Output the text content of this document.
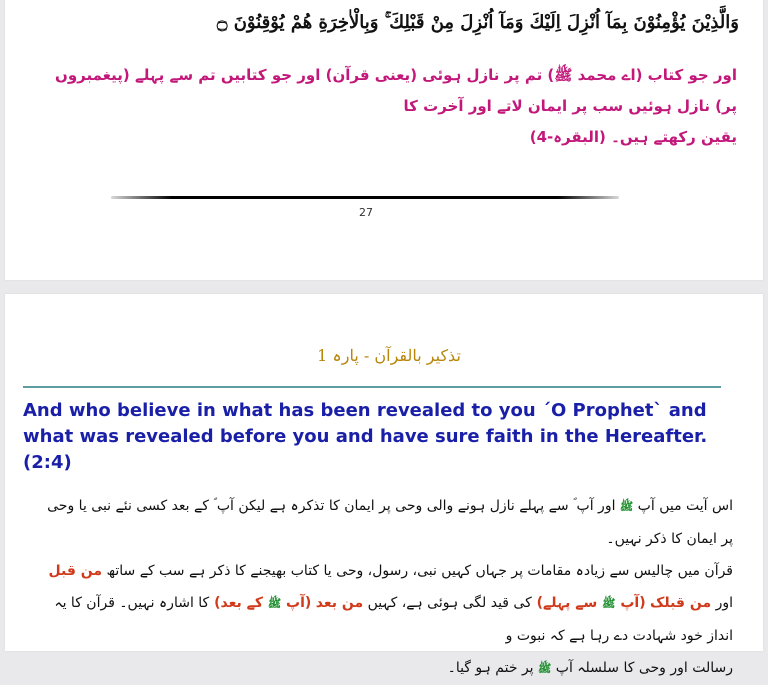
وَالَّذِيْنَ يُؤْمِنُوْنَ بِمَآ اُنْزِلَ اِلَيْكَ وَمَآ اُنْزِلَ مِنْ قَبْلِكَ ۚ وَبِالْاٰخِرَةِ هُمْ يُوْقِنُوْنَ ۝
اور جو کتاب (اے محمد ﷺ) تم پر نازل ہوئی (یعنی قرآن) اور جو کتابیں تم سے پہلے (پیغمبروں پر) نازل ہوئیں سب پر ایمان لاتے اور آخرت کا
یقین رکھتے ہیں۔ (البقرہ-4)
27
تذکیر بالقرآن - پارہ 1
And who believe in what has been revealed to you ˊO Prophetˋ and what was revealed before you and have sure faith in the Hereafter. (2:4)
اس آیت میں آپ ﷺ اور آپ ؐ سے پہلے نازل ہونے والی وحی پر ایمان کا تذکرہ ہے لیکن آپ ؐ کے بعد کسی نئے نبی یا وحی پر ایمان کا ذکر نہیں۔
قرآن میں چالیس سے زیادہ مقامات پر جہاں کہیں نبی، رسول، وحی یا کتاب بھیجنے کا ذکر ہے سب کے ساتھ من قبل اور من قبلک (آپ ﷺ سے پہلے) کی قید لگی ہوئی ہے، کہیں من بعد (آپ ﷺ کے بعد) کا اشارہ نہیں۔ قرآن کا یہ انداز خود شہادت دے رہا ہے کہ نبوت و
رسالت اور وحی کا سلسلہ آپ ﷺ پر ختم ہو گیا۔
